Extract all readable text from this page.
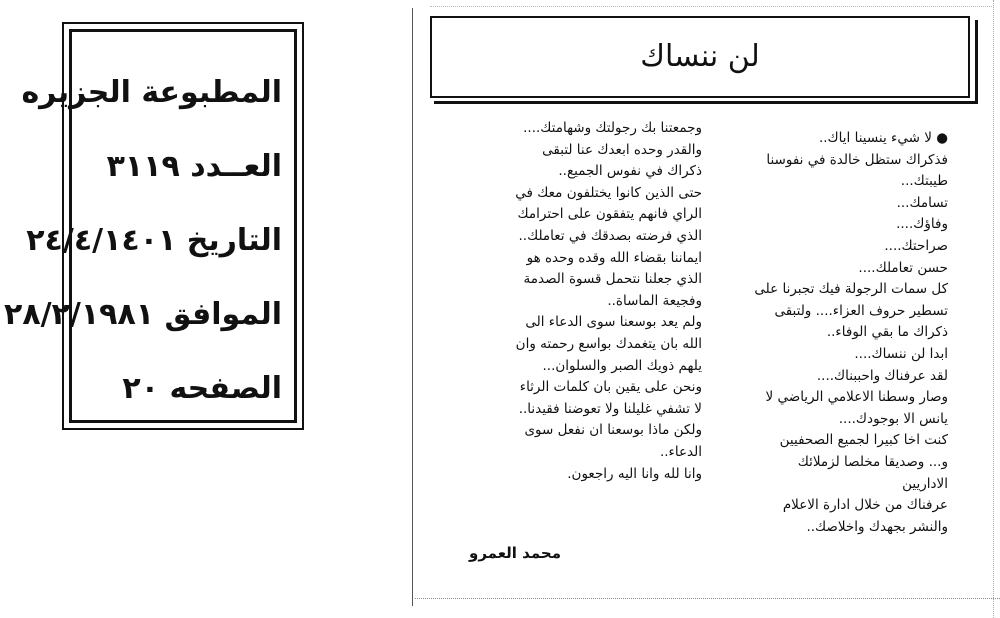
المطبوعة الجزيره
العــدد ٣١١٩
التاريخ ٢٤/٤/١٤٠١
الموافق ٢٨/٢/١٩٨١
الصفحه ٢٠
لن ننساك

● لا شيء ينسينا اياك..

فذكراك ستظل خالدة في نفوسنا

طيبتك...

تسامك...

وفاؤك....

صراحتك....

حسن تعاملك....

كل سمات الرجولة فيك تجبرنا على

تسطير حروف العزاء.... ولتبقى

ذكراك ما بقي الوفاء..

ابدا لن ننساك....

لقد عرفناك واحببناك....

وصار وسطنا الاعلامي الرياضي لا

يانس الا بوجودك....

كنت اخا كبيرا لجميع الصحفيين

و... وصديقا مخلصا لزملائك

الاداريين

عرفناك من خلال ادارة الاعلام

والنشر بجهدك واخلاصك..

وجمعتنا بك رجولتك وشهامتك....

والقدر وحده ابعدك عنا لتبقى

ذكراك في نفوس الجميع..

حتى الذين كانوا يختلفون معك في

الراي فانهم يتفقون على احترامك

الذي فرضته بصدقك في تعاملك..

ايماننا بقضاء الله وقده وحده هو

الذي جعلنا نتحمل قسوة الصدمة

وفجيعة الماساة..

ولم يعد بوسعنا سوى الدعاء الى

الله بان يتغمدك بواسع رحمته وان

يلهم ذويك الصبر والسلوان...

ونحن على يقين بان كلمات الرثاء

لا تشفي غليلنا ولا تعوضنا فقيدنا..

ولكن ماذا بوسعنا ان نفعل سوى

الدعاء..

وانا لله وانا اليه راجعون.

محمد العمرو
